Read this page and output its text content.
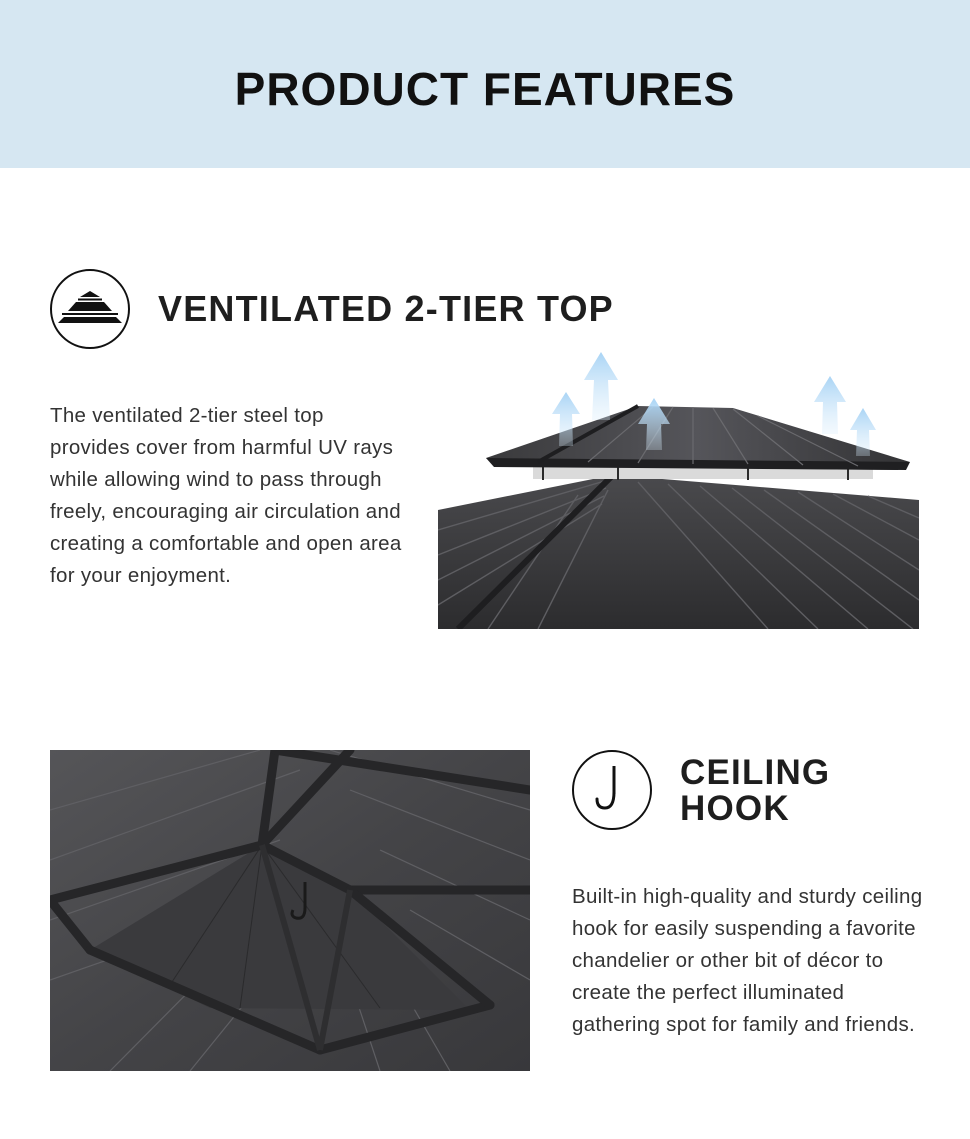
PRODUCT FEATURES
VENTILATED 2-TIER TOP

The ventilated 2-tier steel top provides cover from harmful UV rays while allowing wind to pass through freely, encouraging air circulation and creating a comfortable and open area for your enjoyment.

CEILING
HOOK

Built-in high-quality and sturdy ceiling hook for easily suspending a favorite chandelier or other bit of décor to create the perfect illuminated gathering spot for family and friends.
